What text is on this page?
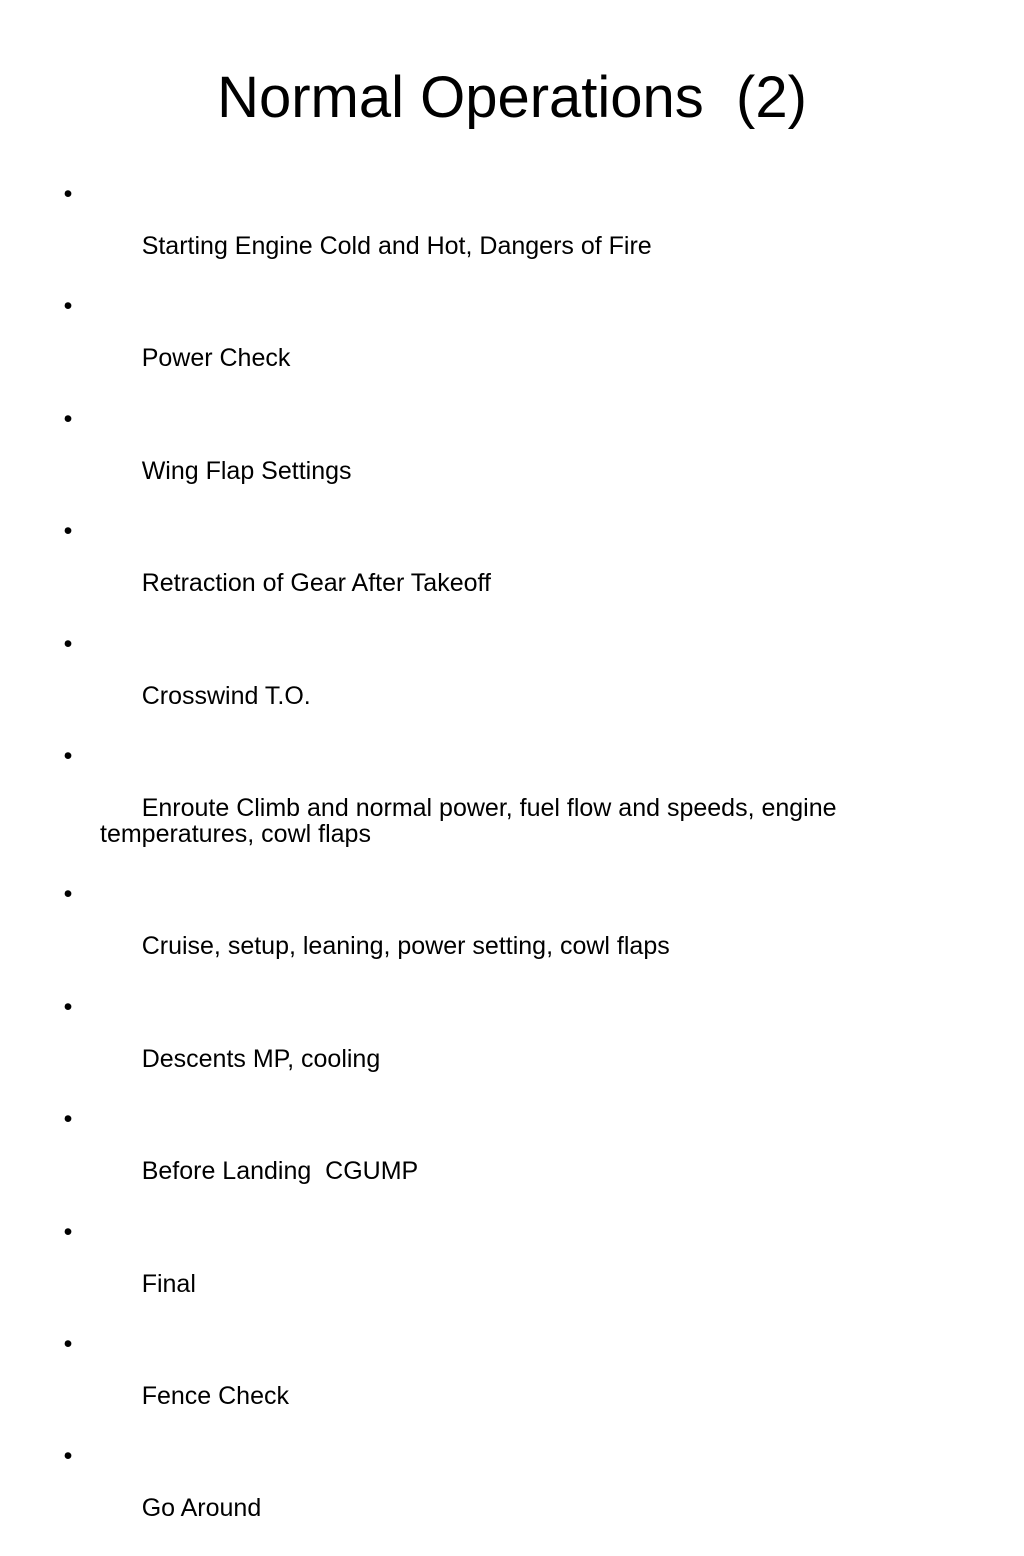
Normal Operations  (2)

•

Starting Engine Cold and Hot, Dangers of Fire

•

Power Check

•

Wing Flap Settings

•

Retraction of Gear After Takeoff

•

Crosswind T.O.

•

Enroute Climb and normal power, fuel flow and speeds, engine temperatures, cowl flaps

•

Cruise, setup, leaning, power setting, cowl flaps

•

Descents MP, cooling

•

Before Landing  CGUMP

•

Final

•

Fence Check

•

Go Around
